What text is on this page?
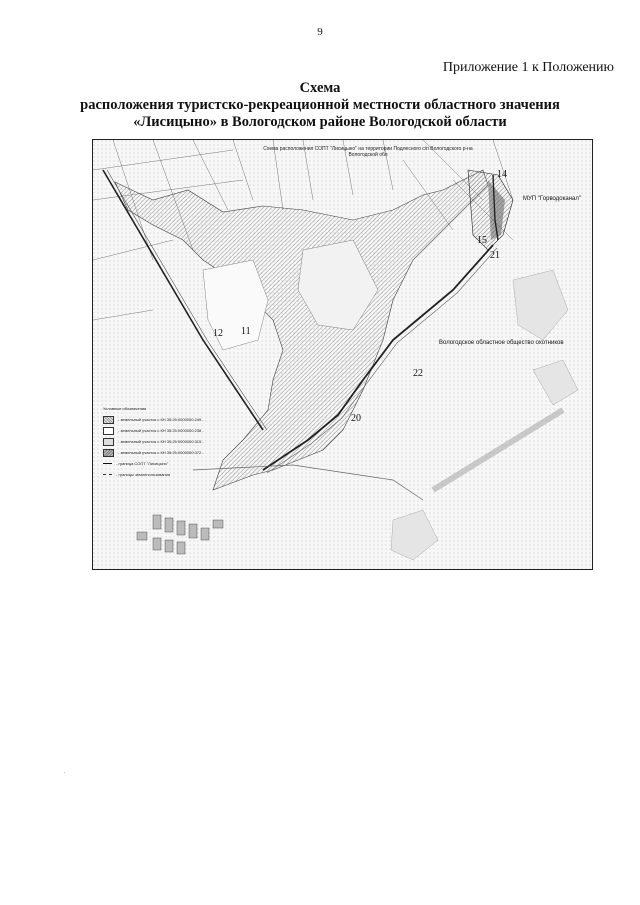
9
Приложение 1 к Положению
Схема
расположения туристско-рекреационной местности областного значения
«Лисицыно» в Вологодском районе Вологодской области
Схема расположения СОПТ "Лисицыно" на территории Подлесного с/п Вологодского р-на
Вологодской обл
МУП "Горводоканал"
Вологодское областное общество охотников
14
15
21
11
12
22
20
Условные обозначения
- земельный участок с КН 35:25:0000000:249 -
- земельный участок с КН 35:25:0000000:238 -
- земельный участок с КН 35:25:0000000:315 -
- земельный участок с КН 35:25:0000000:372 -
- граница СОПТ "Лисицыно"
- границы землепользования
.
